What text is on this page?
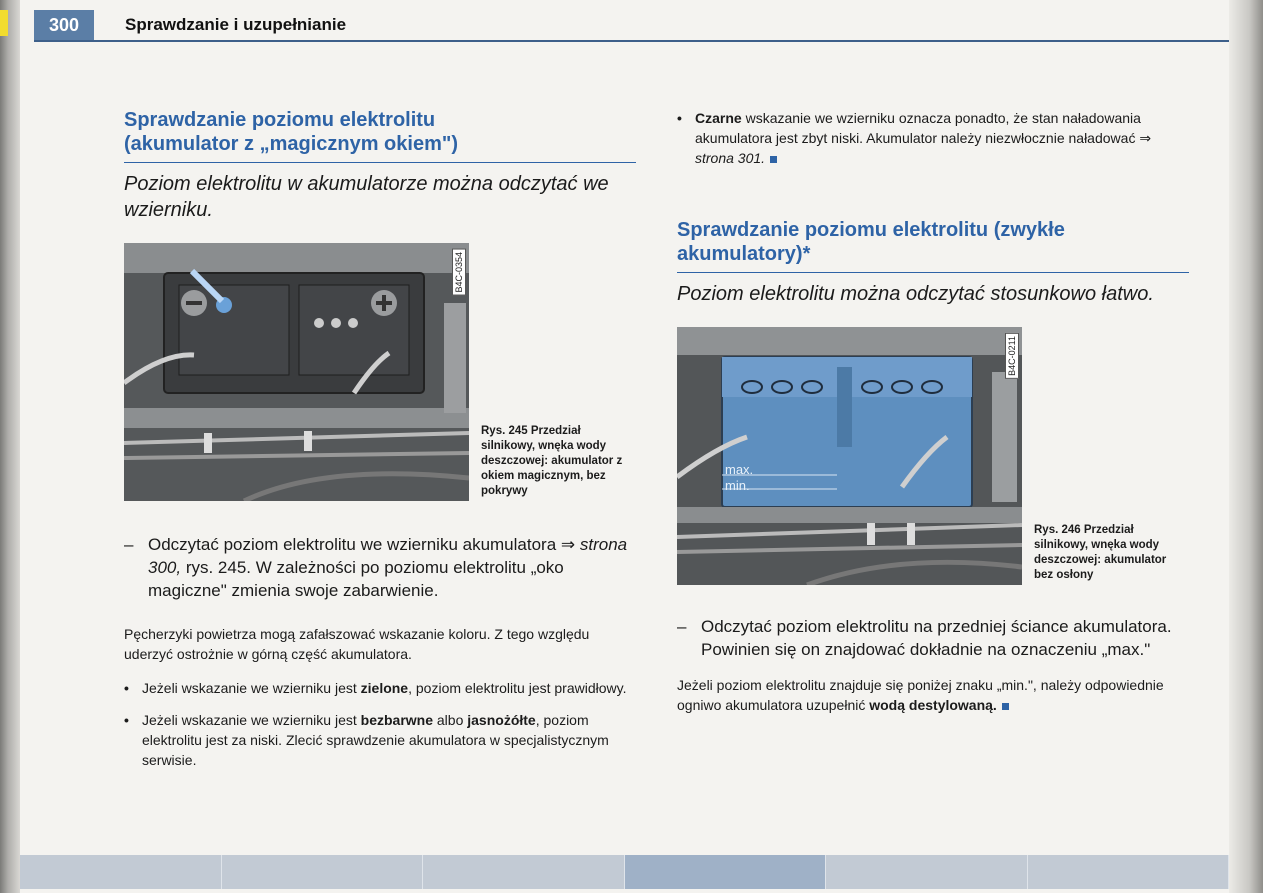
300	Sprawdzanie i uzupełnianie
Sprawdzanie poziomu elektrolitu
(akumulator z „magicznym okiem")

Poziom elektrolitu w akumulatorze można odczytać we wzierniku.

B4C-0354
Rys. 245 Przedział silnikowy, wnęka wody deszczowej: akumulator z okiem magicznym, bez pokrywy

– Odczytać poziom elektrolitu we wzierniku akumulatora ⇒ strona 300, rys. 245. W zależności po poziomu elektrolitu „oko magiczne" zmienia swoje zabarwienie.

Pęcherzyki powietrza mogą zafałszować wskazanie koloru. Z tego względu uderzyć ostrożnie w górną część akumulatora.

• Jeżeli wskazanie we wzierniku jest zielone, poziom elektrolitu jest prawidłowy.

• Jeżeli wskazanie we wzierniku jest bezbarwne albo jasnożółte, poziom elektrolitu jest za niski. Zlecić sprawdzenie akumulatora w specjalistycznym serwisie.

• Czarne wskazanie we wzierniku oznacza ponadto, że stan naładowania akumulatora jest zbyt niski. Akumulator należy niezwłocznie naładować ⇒ strona 301.

Sprawdzanie poziomu elektrolitu (zwykłe
akumulatory)*

Poziom elektrolitu można odczytać stosunkowo łatwo.

max.
min.
B4C-0211
Rys. 246 Przedział silnikowy, wnęka wody deszczowej: akumulator bez osłony

– Odczytać poziom elektrolitu na przedniej ściance akumulatora. Powinien się on znajdować dokładnie na oznaczeniu „max."

Jeżeli poziom elektrolitu znajduje się poniżej znaku „min.", należy odpowiednie ogniwo akumulatora uzupełnić wodą destylowaną.
